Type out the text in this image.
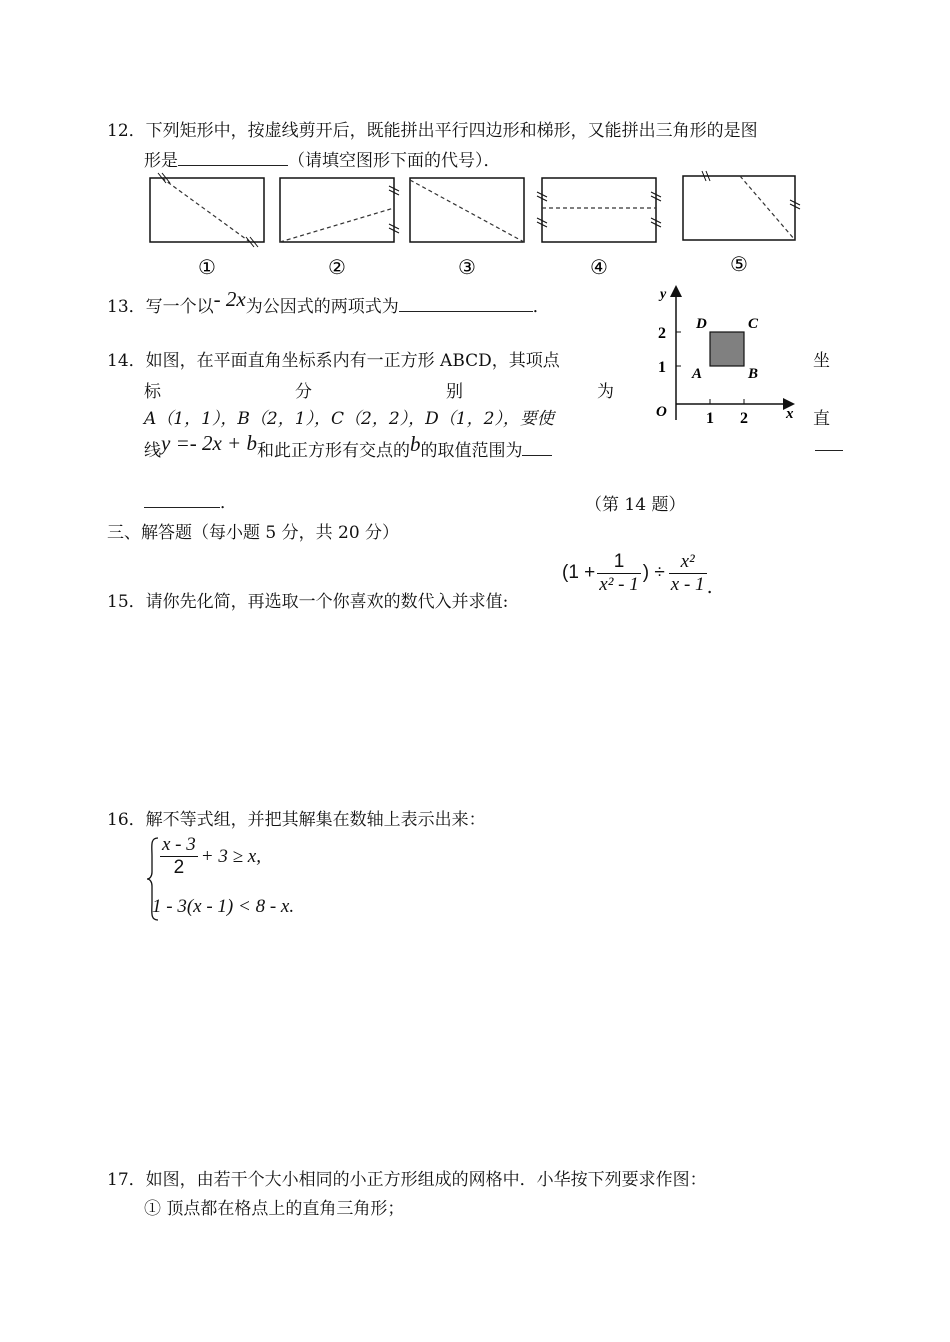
12．下列矩形中，按虚线剪开后，既能拼出平行四边形和梯形，又能拼出三角形的是图
形是	（请填空图形下面的代号）．
①	②	③	④	⑤
13．写一个以- 2x为公因式的两项式为	．
14．如图，在平面直角坐标系内有一正方形 ABCD，其项点	坐
标	分	别	为
A（1，1），B（2，1），C（2，2），D（1，2），要使	直
线y =- 2x + b和此正方形有交点的b的取值范围为
．	（第 14 题）
x
y
O 1 2
1
2
A	B
C
D
三、解答题（每小题 5 分，共 20 分）
15．请你先化简，再选取一个你喜欢的数代入并求值:
($1 + \frac{1}{\text{x² - 1}}$ ) ÷ $\frac{\text{x²}}{x - 1}$ .
16．解不等式组，并把其解集在数轴上表示出来：
$\frac{x - 3}{2} + 3 \ge x$,
1 - 3(x - 1) < 8 - x.
17．如图，由若干个大小相同的小正方形组成的网格中．小华按下列要求作图：
① 顶点都在格点上的直角三角形；
